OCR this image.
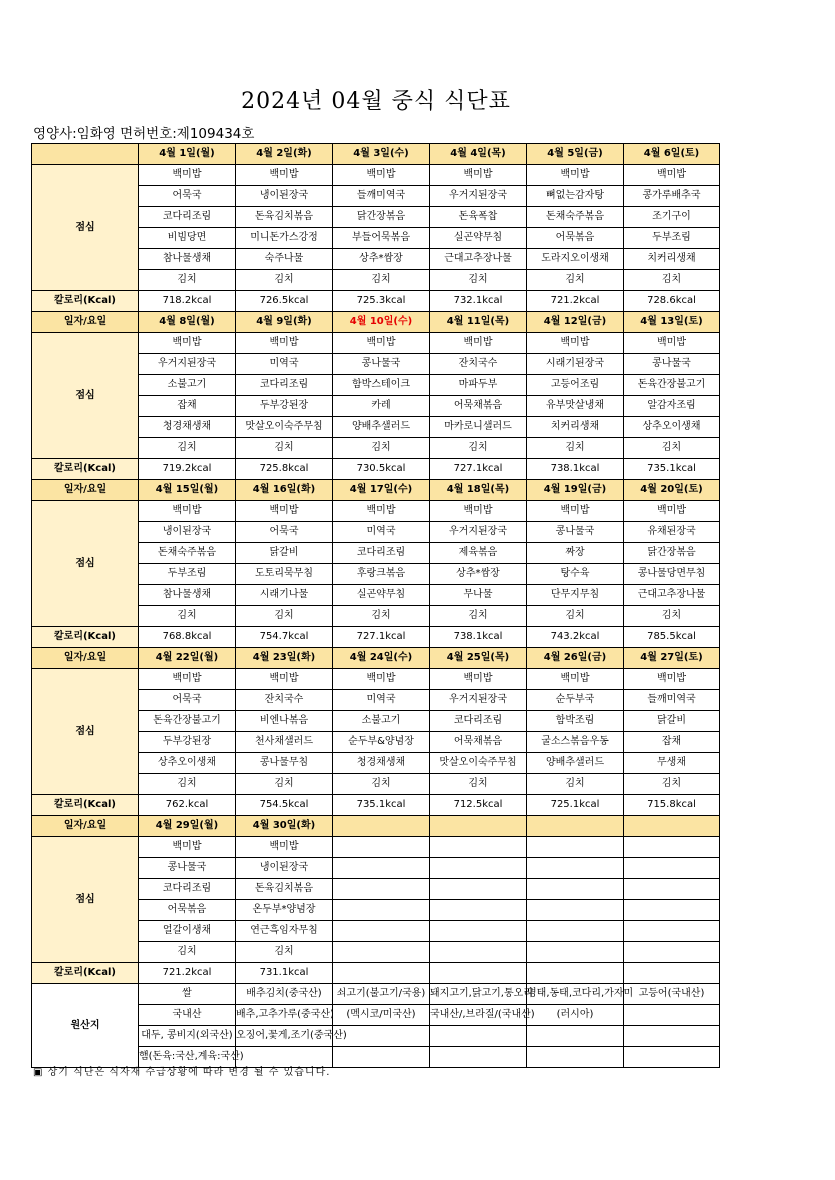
2024년 04월 중식 식단표
영양사:임화영 면허번호:제109434호
	4월 1일(월)	4월 2일(화)	4월 3일(수)	4월 4일(목)	4월 5일(금)	4월 6일(토)
점심	백미밥	백미밥	백미밥	백미밥	백미밥	백미밥
	어묵국	냉이된장국	들깨미역국	우거지된장국	뼈없는감자탕	콩가루배추국
	코다리조림	돈육김치볶음	닭간장볶음	돈육폭찹	돈채숙주볶음	조기구이
	비빔당면	미니돈가스강정	부들어묵볶음	실곤약무침	어묵볶음	두부조림
	참나물생채	숙주나물	상추*쌈장	근대고추장나물	도라지오이생채	치커리생채
	김치	김치	김치	김치	김치	김치
칼로리(Kcal)	718.2kcal	726.5kcal	725.3kcal	732.1kcal	721.2kcal	728.6kcal
일자/요일	4월 8일(월)	4월 9일(화)	4월 10일(수)	4월 11일(목)	4월 12일(금)	4월 13일(토)
점심	백미밥	백미밥	백미밥	백미밥	백미밥	백미밥
	우거지된장국	미역국	콩나물국	잔치국수	시래기된장국	콩나물국
	소불고기	코다리조림	함박스테이크	마파두부	고등어조림	돈육간장불고기
	잡채	두부강된장	카레	어묵채볶음	유부맛살냉채	알감자조림
	청경채생채	맛살오이숙주무침	양배추샐러드	마카로니샐러드	치커리생채	상추오이생채
	김치	김치	김치	김치	김치	김치
칼로리(Kcal)	719.2kcal	725.8kcal	730.5kcal	727.1kcal	738.1kcal	735.1kcal
일자/요일	4월 15일(월)	4월 16일(화)	4월 17일(수)	4월 18일(목)	4월 19일(금)	4월 20일(토)
점심	백미밥	백미밥	백미밥	백미밥	백미밥	백미밥
	냉이된장국	어묵국	미역국	우거지된장국	콩나물국	유채된장국
	돈채숙주볶음	닭갈비	코다리조림	제육볶음	짜장	닭간장볶음
	두부조림	도토리묵무침	후랑크볶음	상추*쌈장	탕수육	콩나물당면무침
	참나물생채	시래기나물	실곤약무침	무나물	단무지무침	근대고추장나물
	김치	김치	김치	김치	김치	김치
칼로리(Kcal)	768.8kcal	754.7kcal	727.1kcal	738.1kcal	743.2kcal	785.5kcal
일자/요일	4월 22일(월)	4월 23일(화)	4월 24일(수)	4월 25일(목)	4월 26일(금)	4월 27일(토)
점심	백미밥	백미밥	백미밥	백미밥	백미밥	백미밥
	어묵국	잔치국수	미역국	우거지된장국	순두부국	들깨미역국
	돈육간장불고기	비엔나볶음	소불고기	코다리조림	함박조림	닭갈비
	두부강된장	천사채샐러드	순두부&양념장	어묵채볶음	굴소스볶음우동	잡채
	상추오이생채	콩나물무침	청경채생채	맛살오이숙주무침	양배추샐러드	무생채
	김치	김치	김치	김치	김치	김치
칼로리(Kcal)	762.kcal	754.5kcal	735.1kcal	712.5kcal	725.1kcal	715.8kcal
일자/요일	4월 29일(월)	4월 30일(화)				
점심	백미밥	백미밥				
	콩나물국	냉이된장국				
	코다리조림	돈육김치볶음				
	어묵볶음	온두부*양념장				
	얼갈이생채	연근흑임자무침				
	김치	김치				
칼로리(Kcal)	721.2kcal	731.1kcal				
원산지	쌀	배추김치(중국산)	쇠고기(불고기/국용)	돼지고기,닭고기,통오리	명태,동태,코다리,가자미	고등어(국내산)
	국내산	배추,고추가루(중국산)	(멕시코/미국산)	국내산/,브라질/(국내산)	(러시아)	
	대두, 콩비지(외국산)	오징어,꽃게,조기(중국산)				
	햄(돈육:국산,계육:국산)					
▣ 상기 식단은 식자재 수급상황에 따라 변경 될 수 있습니다.
